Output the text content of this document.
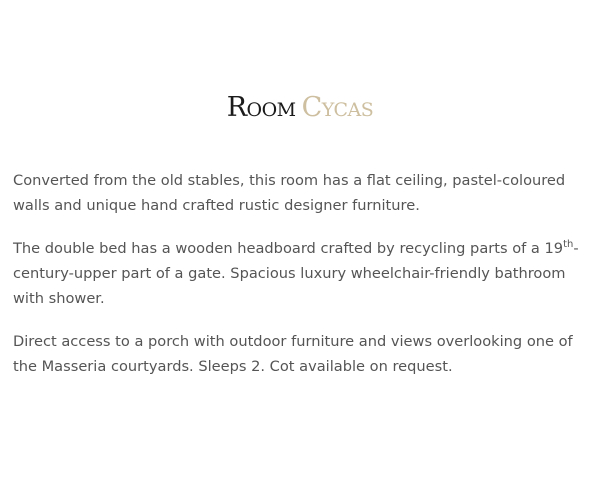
Room Cycas

Converted from the old stables, this room has a flat ceiling, pastel-coloured walls and unique hand crafted rustic designer furniture.

The double bed has a wooden headboard crafted by recycling parts of a 19th-century-upper part of a gate. Spacious luxury wheelchair-friendly bathroom with shower.

Direct access to a porch with outdoor furniture and views overlooking one of the Masseria courtyards. Sleeps 2. Cot available on request.
